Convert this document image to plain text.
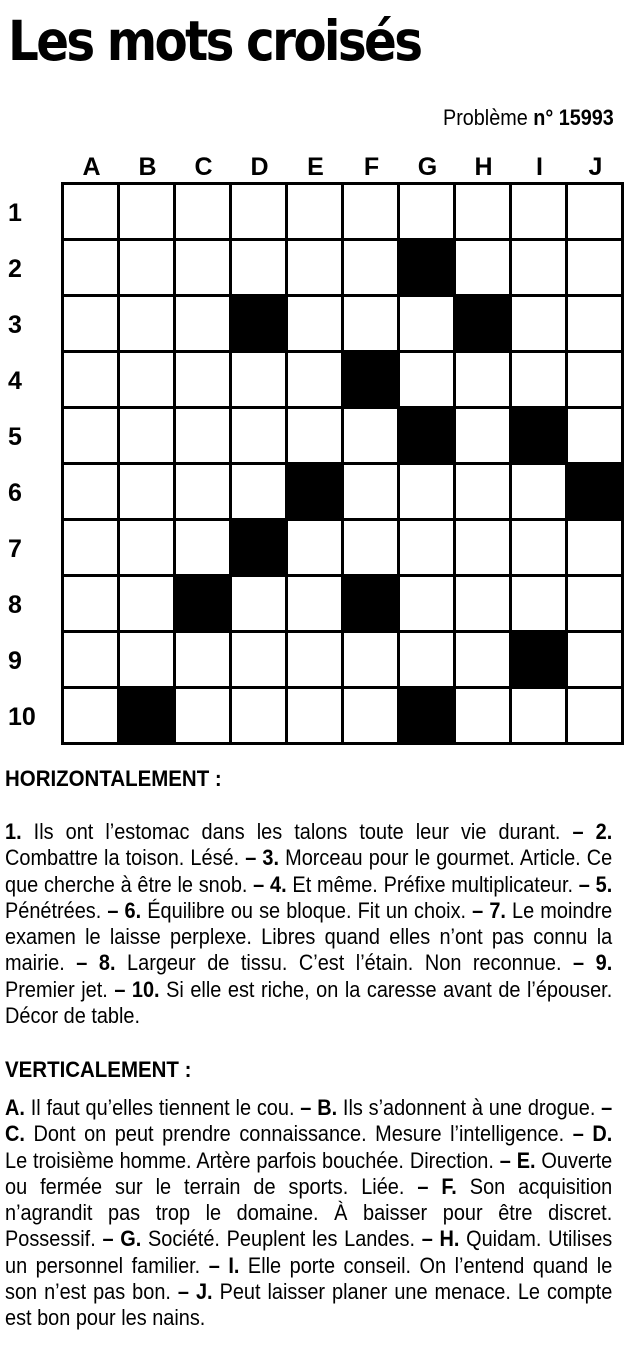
Les mots croisés
Problème n° 15993
A	B	C	D	E	F	G	H	I	J
1
2
3
4
5
6
7
8
9
10
HORIZONTALEMENT :
1. Ils ont l’estomac dans les talons toute leur vie durant. – 2. Combattre la toison. Lésé. – 3. Morceau pour le gourmet. Article. Ce que cherche à être le snob. – 4. Et même. Préfixe multiplicateur. – 5. Pénétrées. – 6. Équilibre ou se bloque. Fit un choix. – 7. Le moindre examen le laisse perplexe. Libres quand elles n’ont pas connu la mairie. – 8. Largeur de tissu. C’est l’étain. Non reconnue. – 9. Premier jet. – 10. Si elle est riche, on la caresse avant de l’épouser. Décor de table.
VERTICALEMENT :
A. Il faut qu’elles tiennent le cou. – B. Ils s’adonnent à une drogue. – C. Dont on peut prendre connaissance. Mesure l’intelligence. – D. Le troisième homme. Artère parfois bouchée. Direction. – E. Ouverte ou fermée sur le terrain de sports. Liée. – F. Son acquisition n’agrandit pas trop le domaine. À baisser pour être discret. Possessif. – G. Société. Peuplent les Landes. – H. Quidam. Utilises un personnel familier. – I. Elle porte conseil. On l’entend quand le son n’est pas bon. – J. Peut laisser planer une menace. Le compte est bon pour les nains.
